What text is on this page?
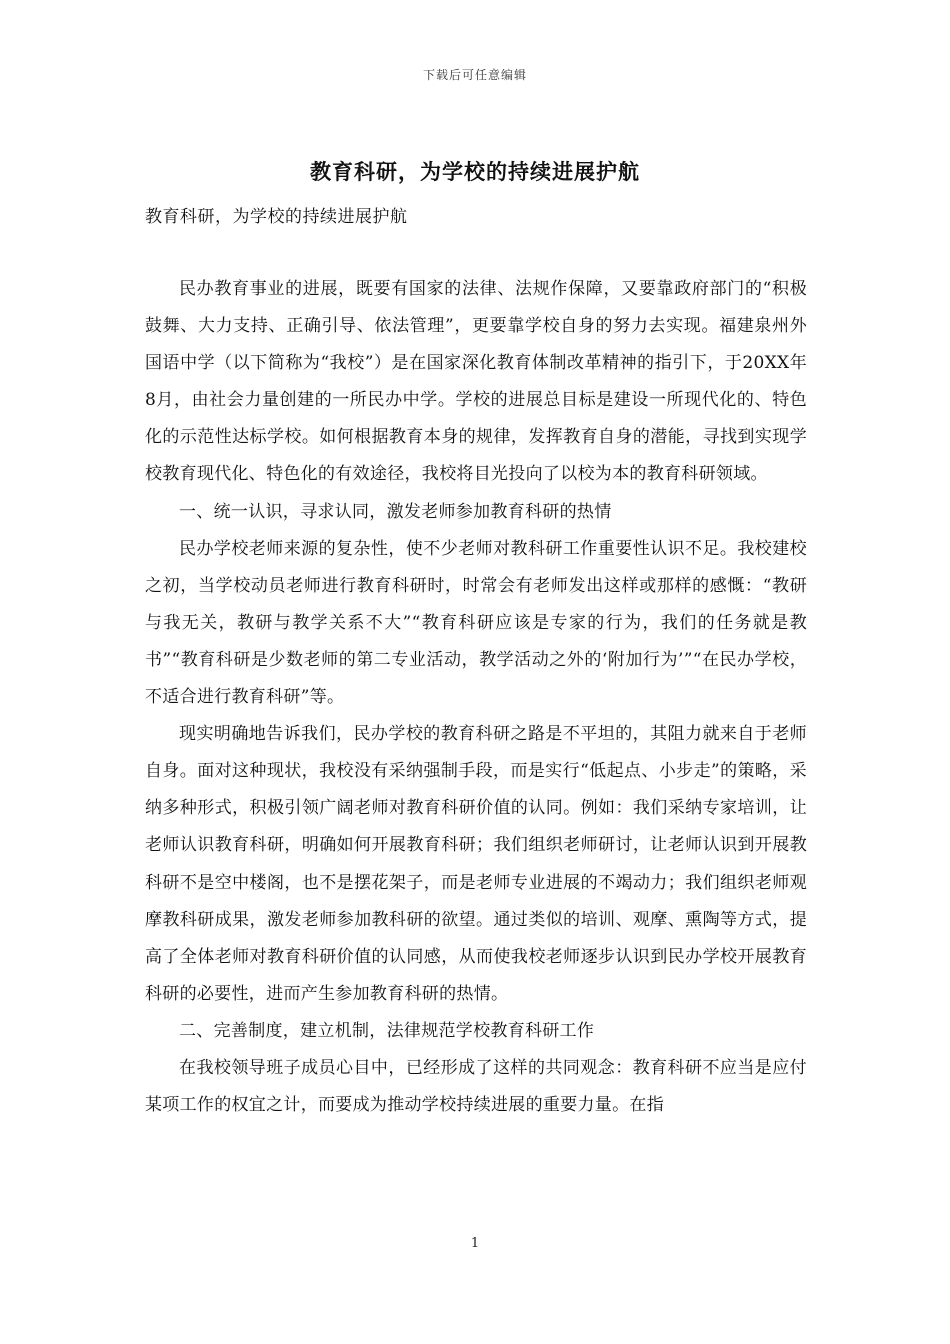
下载后可任意编辑
教育科研，为学校的持续进展护航
教育科研，为学校的持续进展护航

民办教育事业的进展，既要有国家的法律、法规作保障，又要靠政府部门的“积极鼓舞、大力支持、正确引导、依法管理”，更要靠学校自身的努力去实现。福建泉州外国语中学（以下简称为“我校”）是在国家深化教育体制改革精神的指引下，于20XX年8月，由社会力量创建的一所民办中学。学校的进展总目标是建设一所现代化的、特色化的示范性达标学校。如何根据教育本身的规律，发挥教育自身的潜能，寻找到实现学校教育现代化、特色化的有效途径，我校将目光投向了以校为本的教育科研领域。

一、统一认识，寻求认同，激发老师参加教育科研的热情

民办学校老师来源的复杂性，使不少老师对教科研工作重要性认识不足。我校建校之初，当学校动员老师进行教育科研时，时常会有老师发出这样或那样的感慨：“教研与我无关，教研与教学关系不大”“教育科研应该是专家的行为，我们的任务就是教书”“教育科研是少数老师的第二专业活动，教学活动之外的‘附加行为’”“在民办学校，不适合进行教育科研”等。

现实明确地告诉我们，民办学校的教育科研之路是不平坦的，其阻力就来自于老师自身。面对这种现状，我校没有采纳强制手段，而是实行“低起点、小步走”的策略，采纳多种形式，积极引领广阔老师对教育科研价值的认同。例如：我们采纳专家培训，让老师认识教育科研，明确如何开展教育科研；我们组织老师研讨，让老师认识到开展教科研不是空中楼阁，也不是摆花架子，而是老师专业进展的不竭动力；我们组织老师观摩教科研成果，激发老师参加教科研的欲望。通过类似的培训、观摩、熏陶等方式，提高了全体老师对教育科研价值的认同感，从而使我校老师逐步认识到民办学校开展教育科研的必要性，进而产生参加教育科研的热情。

二、完善制度，建立机制，法律规范学校教育科研工作

在我校领导班子成员心目中，已经形成了这样的共同观念：教育科研不应当是应付某项工作的权宜之计，而要成为推动学校持续进展的重要力量。在指

1
